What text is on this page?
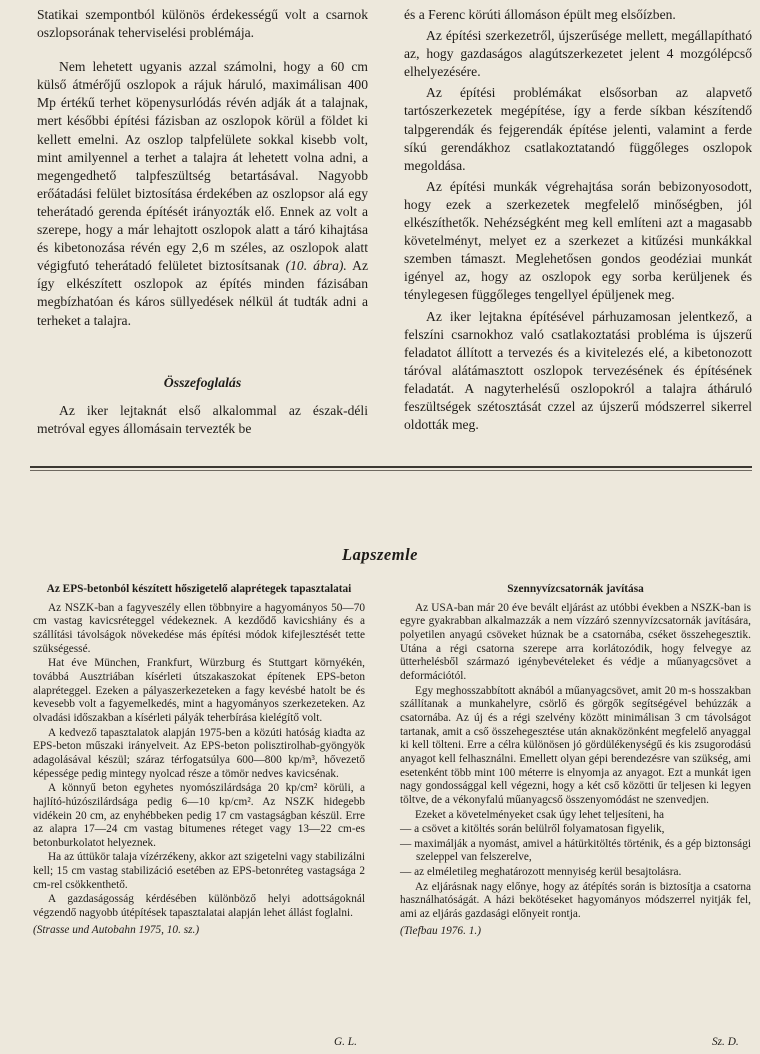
Statikai szempontból különös érdekességű volt a csarnok oszlopsorának teherviselési problémája.

Nem lehetett ugyanis azzal számolni, hogy a 60 cm külső átmérőjű oszlopok a rájuk háruló, maximálisan 400 Mp értékű terhet köpenysurlódás révén adják át a talajnak, mert későbbi építési fázisban az oszlopok körül a földet ki kellett emelni. Az oszlop talpfelülete sokkal kisebb volt, mint amilyennel a terhet a talajra át lehetett volna adni, a megengedhető talpfeszültség betartásával. Nagyobb erőátadási felület biztosítása érdekében az oszlopsor alá egy teherátadó gerenda építését irányozták elő. Ennek az volt a szerepe, hogy a már lehajtott oszlopok alatt a táró kihajtása és kibetonozása révén egy 2,6 m széles, az oszlopok alatt végigfutó teherátadó felületet biztosítsanak (10. ábra). Az így elkészített oszlopok az építés minden fázisában megbízhatóan és káros süllyedések nélkül át tudták adni a terheket a talajra.

Összefoglalás

Az iker lejtaknát első alkalommal az észak-déli metróval egyes állomásain tervezték be

és a Ferenc körúti állomáson épült meg elsőízben.

Az építési szerkezetről, újszerűsége mellett, megállapítható az, hogy gazdaságos alagútszerkezetet jelent 4 mozgólépcső elhelyezésére.

Az építési problémákat elsősorban az alapvető tartószerkezetek megépítése, így a ferde síkban készítendő talpgerendák és fejgerendák építése jelenti, valamint a ferde síkú gerendákhoz csatlakoztatandó függőleges oszlopok megoldása.

Az építési munkák végrehajtása során bebizonyosodott, hogy ezek a szerkezetek megfelelő minőségben, jól elkészíthetők. Nehézségként meg kell említeni azt a magasabb követelményt, melyet ez a szerkezet a kitűzési munkákkal szemben támaszt. Meglehetősen gondos geodéziai munkát igényel az, hogy az oszlopok egy sorba kerüljenek és ténylegesen függőleges tengellyel épüljenek meg.

Az iker lejtakna építésével párhuzamosan jelentkező, a felszíni csarnokhoz való csatlakoztatási probléma is újszerű feladatot állított a tervezés és a kivitelezés elé, a kibetonozott táróval alátámasztott oszlopok tervezésének és építésének feladatát. A nagyterhelésű oszlopokról a talajra átháruló feszültségek szétosztását czzel az újszerű módszerrel sikerrel oldották meg.

Lapszemle
Az EPS-betonból készített hőszigetelő alaprétegek tapasztalatai

Az NSZK-ban a fagyveszély ellen többnyire a hagyományos 50—70 cm vastag kavicsréteggel védekeznek. A kezdődő kavicshiány és a szállítási távolságok növekedése más építési módok kifejlesztését tette szükségessé.

Hat éve München, Frankfurt, Würzburg és Stuttgart környékén, továbbá Ausztriában kísérleti útszakaszokat építenek EPS-beton alapréteggel. Ezeken a pályaszerkezeteken a fagy kevésbé hatolt be és kevesebb volt a fagyemelkedés, mint a hagyományos szerkezeteken. Az olvadási időszakban a kísérleti pályák teherbírása kielégítő volt.

A kedvező tapasztalatok alapján 1975-ben a közúti hatóság kiadta az EPS-beton műszaki irányelveit. Az EPS-beton polisztirolhab-gyöngyök adagolásával készül; száraz térfogatsúlya 600—800 kp/m³, hővezető képessége pedig mintegy nyolcad része a tömör nedves kavicsénak.

A könnyű beton egyhetes nyomószilárdsága 20 kp/cm² körüli, a hajlító-húzószilárdsága pedig 6—10 kp/cm². Az NSZK hidegebb vidékein 20 cm, az enyhébbeken pedig 17 cm vastagságban készül. Erre az alapra 17—24 cm vastag bitumenes réteget vagy 13—22 cm-es betonburkolatot helyeznek.

Ha az úttükör talaja vízérzékeny, akkor azt szigetelni vagy stabilizálni kell; 15 cm vastag stabilizáció esetében az EPS-betonréteg vastagsága 2 cm-rel csökkenthető.

A gazdaságosság kérdésében különböző helyi adottságoknál végzendő nagyobb útépítések tapasztalatai alapján lehet állást foglalni.

(Strasse und Autobahn 1975, 10. sz.)

G. L.
Szennyvízcsatornák javítása

Az USA-ban már 20 éve bevált eljárást az utóbbi években a NSZK-ban is egyre gyakrabban alkalmazzák a nem vízzáró szennyvízcsatornák javítására, polyetilen anyagú csöveket húznak be a csatornába, cséket összehegesztik. Utána a régi csatorna szerepe arra korlátozódik, hogy felvegye az ütterhelésből származó igénybevételeket és védje a műanyagcsövet a deformációtól.

Egy meghosszabbított aknából a műanyagcsövet, amit 20 m-s hosszakban szállítanak a munkahelyre, csörlő és görgők segítségével behúzzák a csatornába. Az új és a régi szelvény között minimálisan 3 cm távolságot tartanak, amit a cső összehegesztése után aknaközönként megfelelő anyaggal ki kell tölteni. Erre a célra különösen jó gördülékenységű és kis zsugorodású anyagot kell felhasználni. Emellett olyan gépi berendezésre van szükség, ami esetenként több mint 100 méterre is elnyomja az anyagot. Ezt a munkát igen nagy gondossággal kell végezni, hogy a két cső közötti űr teljesen ki legyen töltve, de a vékonyfalú műanyagcső összenyomódást ne szenvedjen.

Ezeket a követelményeket csak úgy lehet teljesíteni, ha

— a csövet a kitöltés során belülről folyamatosan figyelik,

— maximálják a nyomást, amivel a hátürkitöltés történik, és a gép biztonsági szeleppel van felszerelve,

— az elméletileg meghatározott mennyiség kerül besajtolásra.

Az eljárásnak nagy előnye, hogy az átépítés során is biztosítja a csatorna használhatóságát. A házi bekötéseket hagyományos módszerrel nyitják fel, ami az eljárás gazdasági előnyeit rontja.

(Tiefbau 1976. 1.)

Sz. D.
